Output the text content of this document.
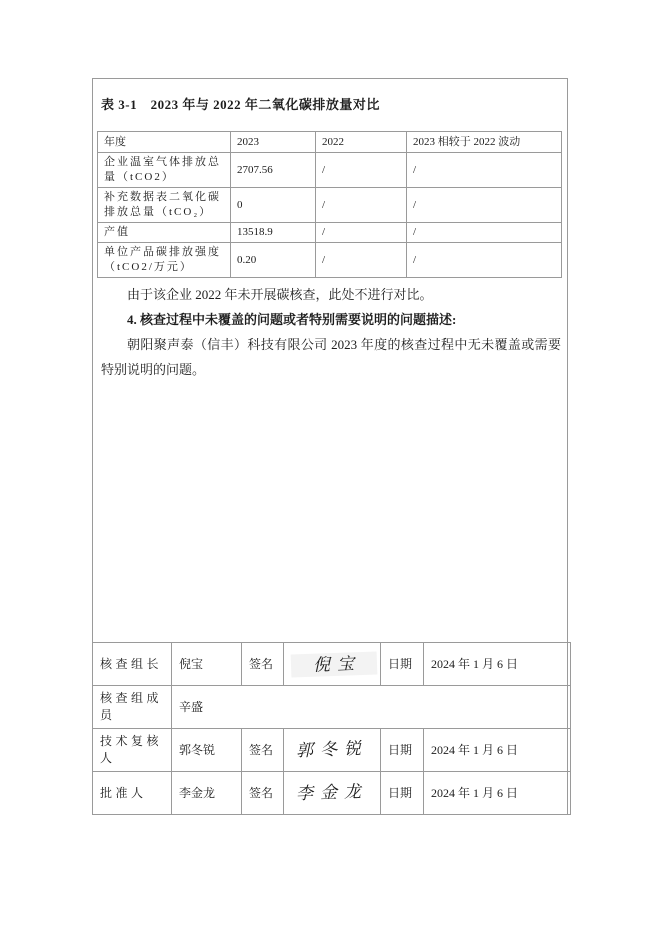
表 3-1　2023 年与 2022 年二氧化碳排放量对比
年度	2023	2022	2023 相较于 2022 波动
企业温室气体排放总量（tCO2）	2707.56	/	/
补充数据表二氧化碳排放总量（tCO₂）	0	/	/
产值	13518.9	/	/
单位产品碳排放强度（tCO2/万元）	0.20	/	/

由于该企业 2022 年未开展碳核查，此处不进行对比。

4. 核查过程中未覆盖的问题或者特别需要说明的问题描述:

朝阳聚声泰（信丰）科技有限公司 2023 年度的核查过程中无未覆盖或需要特别说明的问题。

核查组长	倪宝	签名	倪宝	日期	2024 年 1 月 6 日
核查组成员	辛盛				
技术复核人	郭冬锐	签名	郭冬锐	日期	2024 年 1 月 6 日
批准人	李金龙	签名	李金龙	日期	2024 年 1 月 6 日
